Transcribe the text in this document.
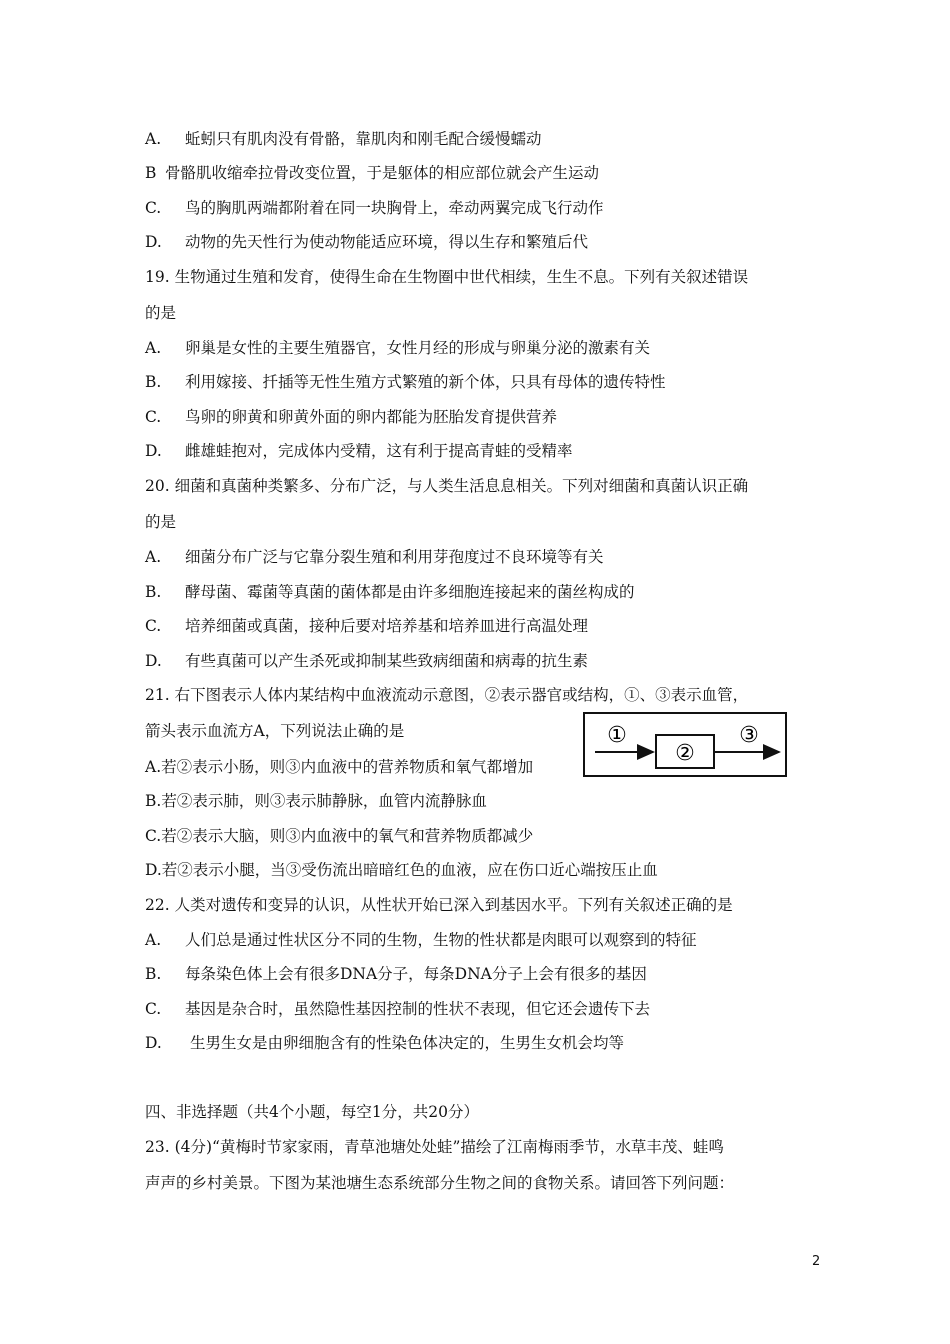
A. 蚯蚓只有肌肉没有骨骼，靠肌肉和刚毛配合缓慢蠕动
B 骨骼肌收缩牵拉骨改变位置，于是躯体的相应部位就会产生运动
C. 鸟的胸肌两端都附着在同一块胸骨上，牵动两翼完成飞行动作
D. 动物的先天性行为使动物能适应环境，得以生存和繁殖后代
19. 生物通过生殖和发育，使得生命在生物圈中世代相续，生生不息。下列有关叙述错误
的是
A. 卵巢是女性的主要生殖器官，女性月经的形成与卵巢分泌的激素有关
B. 利用嫁接、扦插等无性生殖方式繁殖的新个体，只具有母体的遗传特性
C. 鸟卵的卵黄和卵黄外面的卵内都能为胚胎发育提供营养
D. 雌雄蛙抱对，完成体内受精，这有利于提高青蛙的受精率
20. 细菌和真菌种类繁多、分布广泛，与人类生活息息相关。下列对细菌和真菌认识正确
的是
A. 细菌分布广泛与它靠分裂生殖和利用芽孢度过不良环境等有关
B. 酵母菌、霉菌等真菌的菌体都是由许多细胞连接起来的菌丝构成的
C. 培养细菌或真菌，接种后要对培养基和培养皿进行高温处理
D. 有些真菌可以产生杀死或抑制某些致病细菌和病毒的抗生素
21. 右下图表示人体内某结构中血液流动示意图，②表示器官或结构，①、③表示血管，
箭头表示血流方A，下列说法止确的是
A.若②表示小肠，则③内血液中的营养物质和氧气都增加
B.若②表示肺，则③表示肺静脉，血管内流静脉血
C.若②表示大脑，则③内血液中的氧气和营养物质都减少
D.若②表示小腿，当③受伤流出暗暗红色的血液，应在伤口近心端按压止血
①
②
③
22. 人类对遗传和变异的认识，从性状开始已深入到基因水平。下列有关叙述正确的是
A. 人们总是通过性状区分不同的生物，生物的性状都是肉眼可以观察到的特征
B. 每条染色体上会有很多DNA分子，每条DNA分子上会有很多的基因
C. 基因是杂合时，虽然隐性基因控制的性状不表现，但它还会遗传下去
D. 生男生女是由卵细胞含有的性染色体决定的，生男生女机会均等
四、非选择题（共4个小题，每空1分，共20分）
23. (4分)“黄梅时节家家雨，青草池塘处处蛙”描绘了江南梅雨季节，水草丰茂、蛙鸣
声声的乡村美景。下图为某池塘生态系统部分生物之间的食物关系。请回答下列问题：
2
